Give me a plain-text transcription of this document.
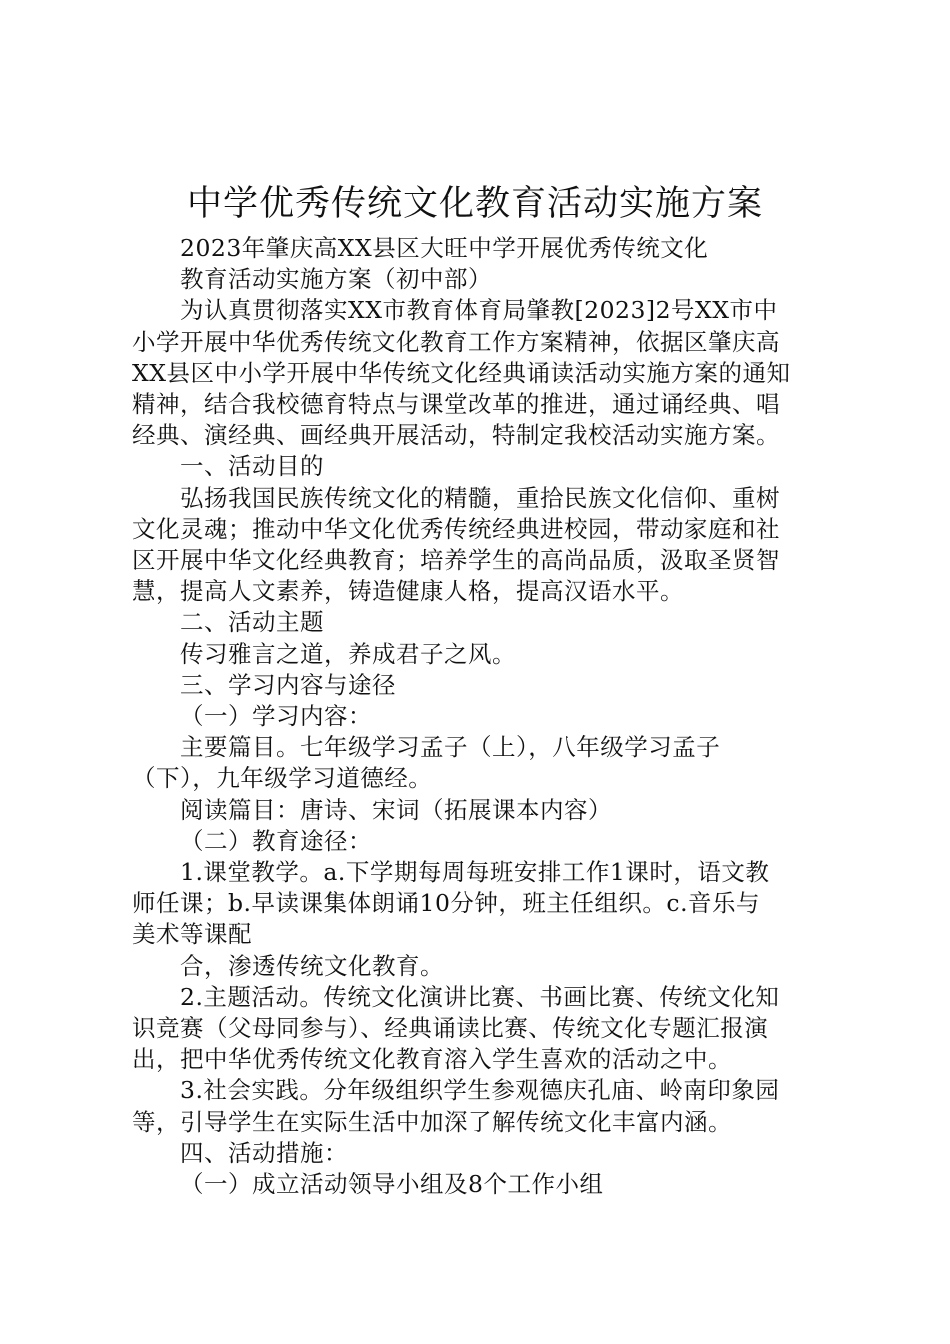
中学优秀传统文化教育活动实施方案

2023年肇庆高XX县区大旺中学开展优秀传统文化
教育活动实施方案（初中部）

为认真贯彻落实XX市教育体育局肇教[2023]2号XX市中
小学开展中华优秀传统文化教育工作方案精神，依据区肇庆高
XX县区中小学开展中华传统文化经典诵读活动实施方案的通知
精神，结合我校德育特点与课堂改革的推进，通过诵经典、唱
经典、演经典、画经典开展活动，特制定我校活动实施方案。

一、活动目的

弘扬我国民族传统文化的精髓，重拾民族文化信仰、重树
文化灵魂；推动中华文化优秀传统经典进校园，带动家庭和社
区开展中华文化经典教育；培养学生的高尚品质，汲取圣贤智
慧，提高人文素养，铸造健康人格，提高汉语水平。

二、活动主题
传习雅言之道，养成君子之风。

三、学习内容与途径
（一）学习内容：

主要篇目。七年级学习孟子（上），八年级学习孟子
（下），九年级学习道德经。
阅读篇目：唐诗、宋词（拓展课本内容）
（二）教育途径：

1.课堂教学。a.下学期每周每班安排工作1课时，语文教
师任课；b.早读课集体朗诵10分钟，班主任组织。c.音乐与
美术等课配
合，渗透传统文化教育。

2.主题活动。传统文化演讲比赛、书画比赛、传统文化知
识竞赛（父母同参与）、经典诵读比赛、传统文化专题汇报演
出，把中华优秀传统文化教育溶入学生喜欢的活动之中。

3.社会实践。分年级组织学生参观德庆孔庙、岭南印象园
等，引导学生在实际生活中加深了解传统文化丰富内涵。

四、活动措施：
（一）成立活动领导小组及8个工作小组
